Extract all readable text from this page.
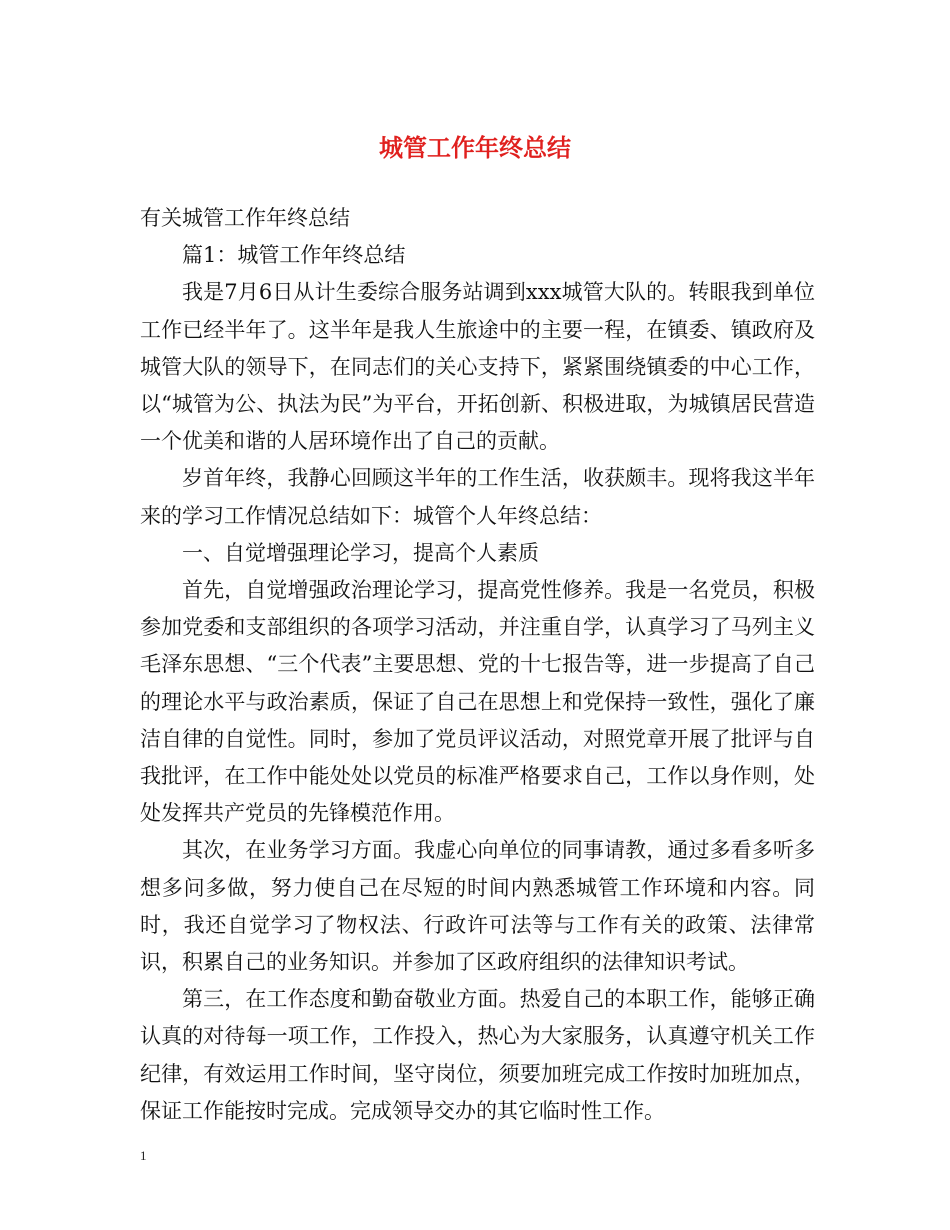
城管工作年终总结

有关城管工作年终总结

篇1：城管工作年终总结

我是7月6日从计生委综合服务站调到xxx城管大队的。转眼我到单位工作已经半年了。这半年是我人生旅途中的主要一程，在镇委、镇政府及城管大队的领导下，在同志们的关心支持下，紧紧围绕镇委的中心工作，以“城管为公、执法为民”为平台，开拓创新、积极进取，为城镇居民营造一个优美和谐的人居环境作出了自己的贡献。

岁首年终，我静心回顾这半年的工作生活，收获颇丰。现将我这半年来的学习工作情况总结如下：城管个人年终总结：

一、自觉增强理论学习，提高个人素质

首先，自觉增强政治理论学习，提高党性修养。我是一名党员，积极参加党委和支部组织的各项学习活动，并注重自学，认真学习了马列主义毛泽东思想、“三个代表”主要思想、党的十七报告等，进一步提高了自己的理论水平与政治素质，保证了自己在思想上和党保持一致性，强化了廉洁自律的自觉性。同时，参加了党员评议活动，对照党章开展了批评与自我批评，在工作中能处处以党员的标准严格要求自己，工作以身作则，处处发挥共产党员的先锋模范作用。

其次，在业务学习方面。我虚心向单位的同事请教，通过多看多听多想多问多做，努力使自己在尽短的时间内熟悉城管工作环境和内容。同时，我还自觉学习了物权法、行政许可法等与工作有关的政策、法律常识，积累自己的业务知识。并参加了区政府组织的法律知识考试。

第三，在工作态度和勤奋敬业方面。热爱自己的本职工作，能够正确认真的对待每一项工作，工作投入，热心为大家服务，认真遵守机关工作纪律，有效运用工作时间，坚守岗位，须要加班完成工作按时加班加点，保证工作能按时完成。完成领导交办的其它临时性工作。

1
